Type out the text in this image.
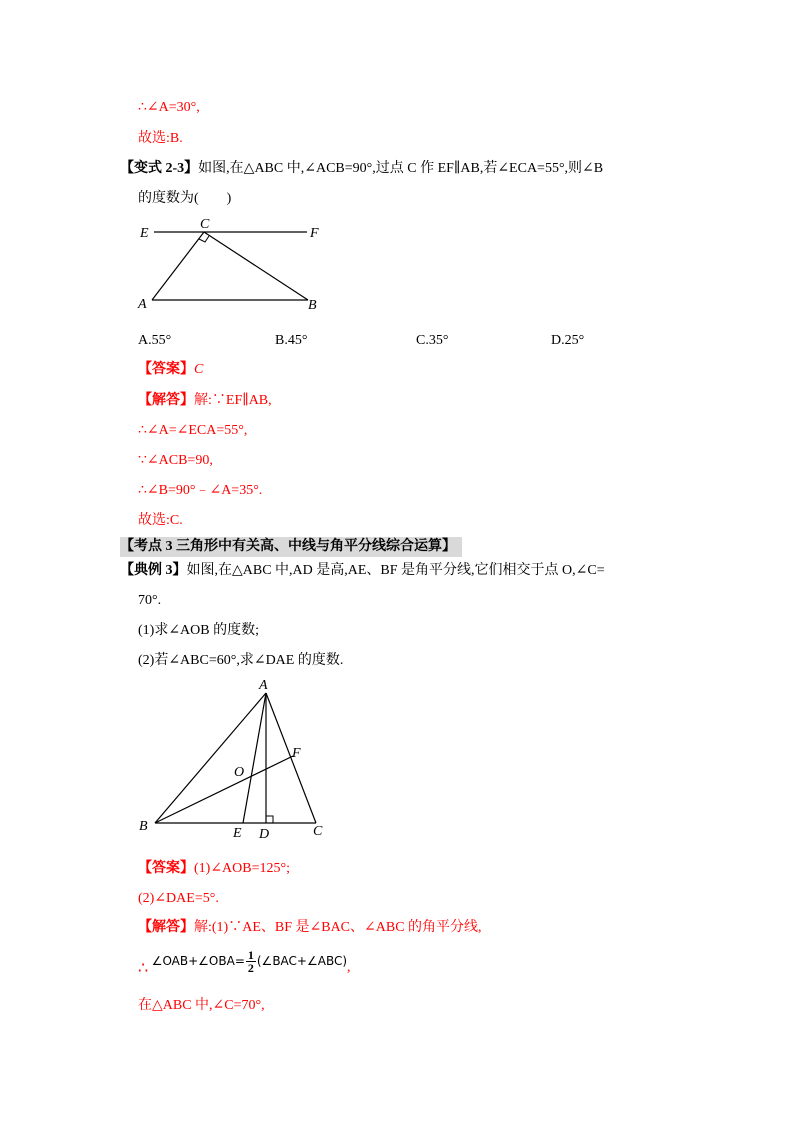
∴∠A=30°,
故选:B.
【变式 2-3】如图,在△ABC 中,∠ACB=90°,过点 C 作 EF∥AB,若∠ECA=55°,则∠B
的度数为(　　)
C
E	F
A	B
A.55°	B.45°	C.35°	D.25°
【答案】C
【解答】解:∵EF∥AB,
∴∠A=∠ECA=55°,
∵∠ACB=90,
∴∠B=90°﹣∠A=35°.
故选:C.
【考点 3 三角形中有关高、中线与角平分线综合运算】
【典例 3】如图,在△ABC 中,AD 是高,AE、BF 是角平分线,它们相交于点 O,∠C=
70°.
(1)求∠AOB 的度数;
(2)若∠ABC=60°,求∠DAE 的度数.
A
B	C
D
E
F
O
【答案】(1)∠AOB=125°;
(2)∠DAE=5°.
【解答】解:(1)∵AE、BF 是∠BAC、∠ABC 的角平分线,
∴ ∠OAB+∠OBA= $\frac{1}{2}$ (∠BAC+∠ABC),
在△ABC 中,∠C=70°,
